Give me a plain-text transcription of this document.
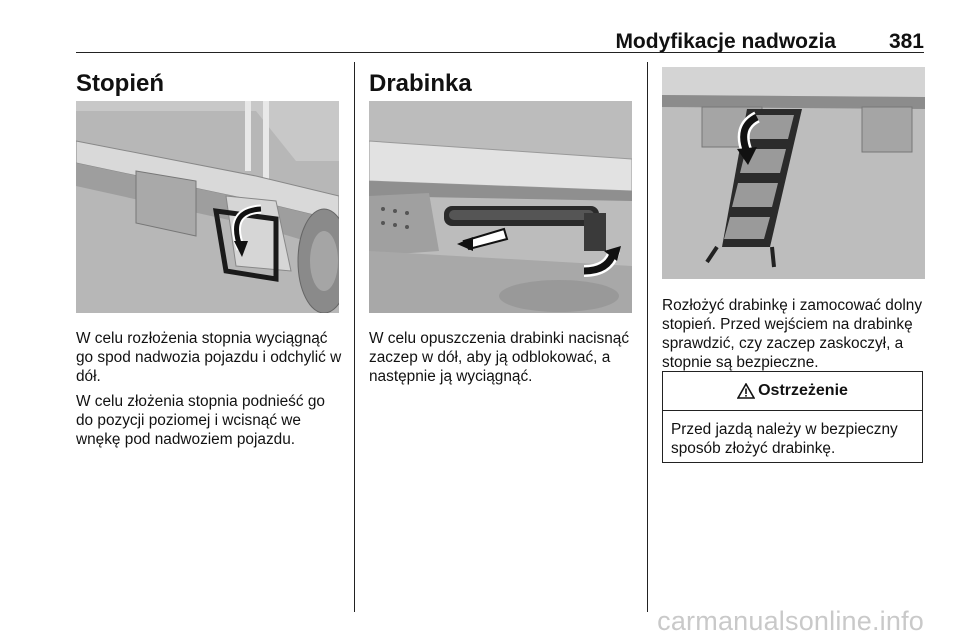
Modyfikacje nadwozia	381
Stopień

W celu rozłożenia stopnia wyciągnąć go spod nadwozia pojazdu i odchylić w dół.

W celu złożenia stopnia podnieść go do pozycji poziomej i wcisnąć we wnękę pod nadwoziem pojazdu.

Drabinka

W celu opuszczenia drabinki nacisnąć zaczep w dół, aby ją odblokować, a następnie ją wyciągnąć.

Rozłożyć drabinkę i zamocować dolny stopień. Przed wejściem na drabinkę sprawdzić, czy zaczep zaskoczył, a stopnie są bezpieczne.

Ostrzeżenie
Przed jazdą należy w bezpieczny sposób złożyć drabinkę.
carmanualsonline.info
